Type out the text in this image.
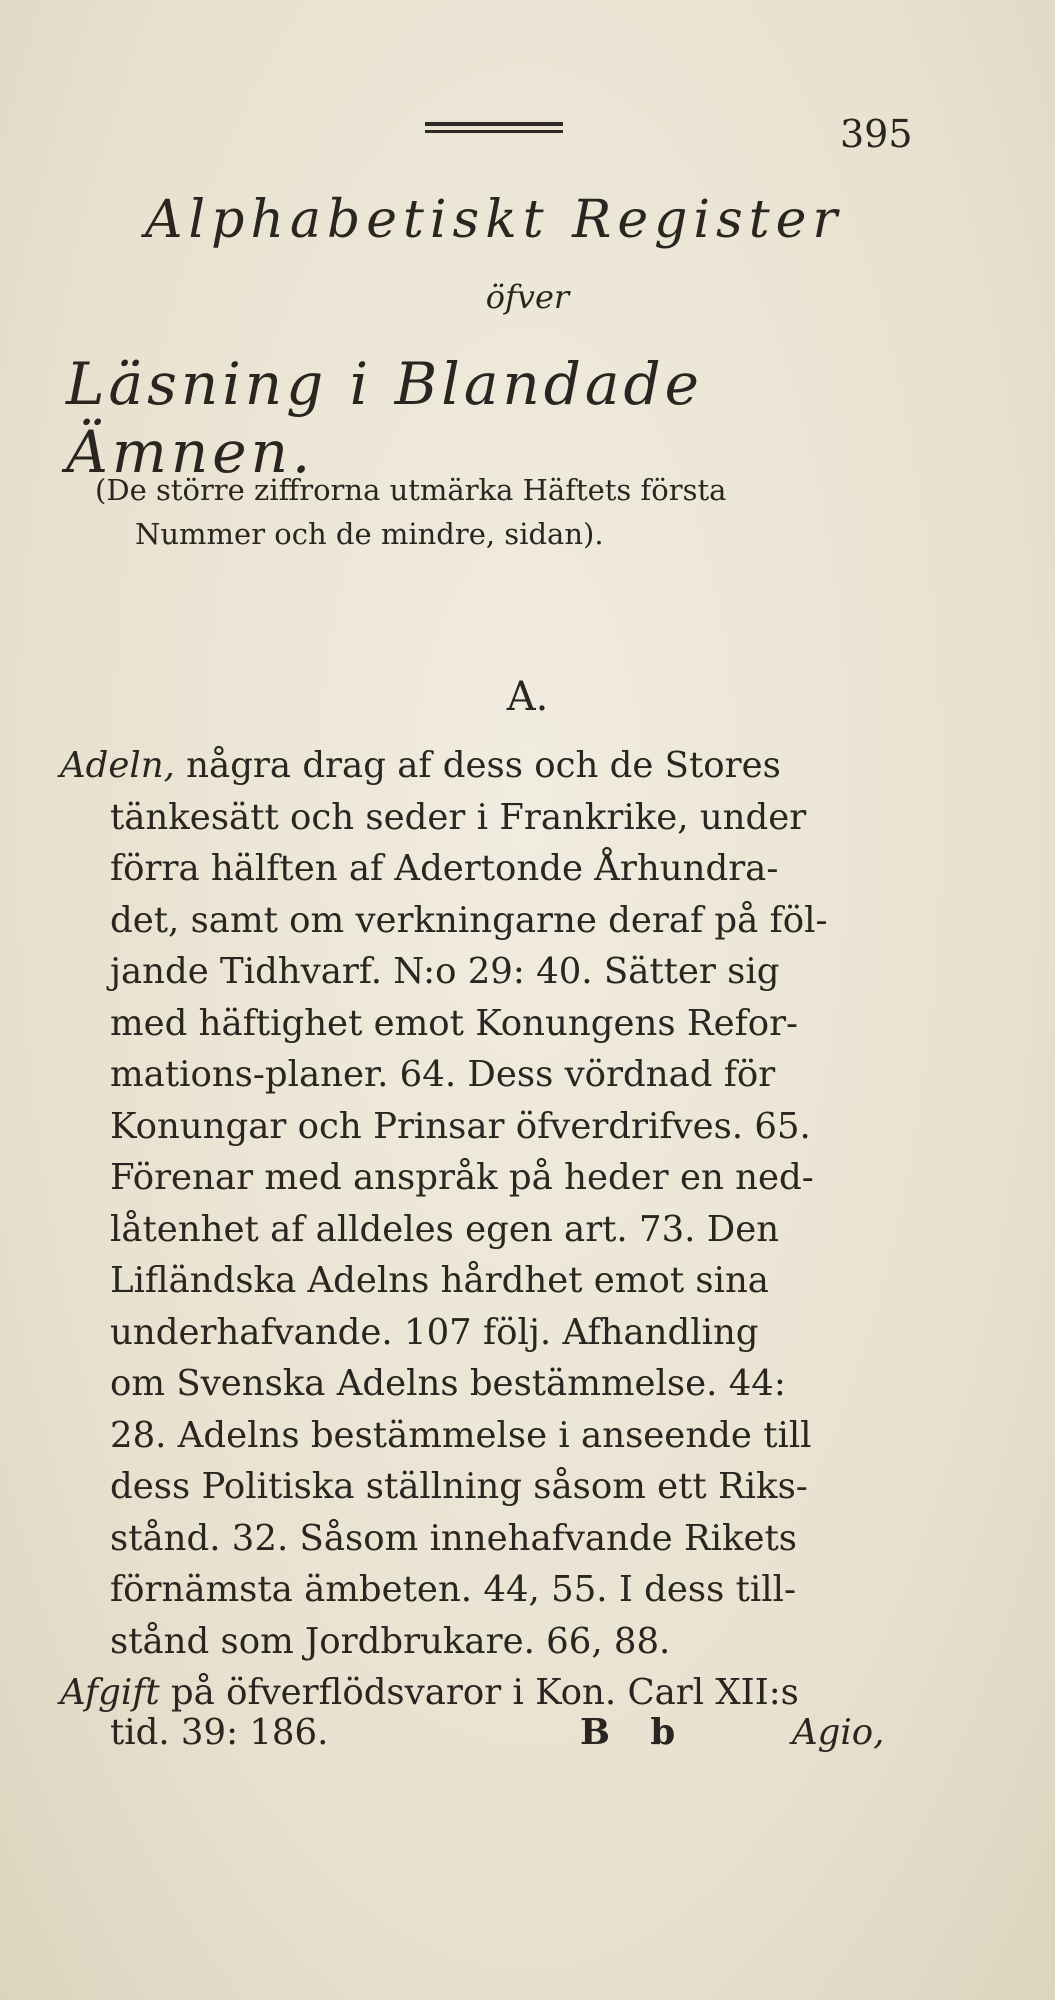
395
Alphabetiskt Register
öfver
Läsning i Blandade Ämnen.
(De större ziffrorna utmärka Häftets första
Nummer och de mindre, sidan).
A.
Adeln, några drag af dess och de Stores
tänkesätt och seder i Frankrike, under
förra hälften af Adertonde Århundra-
det, samt om verkningarne deraf på föl-
jande Tidhvarf. N:o 29: 40. Sätter sig
med häftighet emot Konungens Refor-
mations-planer. 64. Dess vördnad för
Konungar och Prinsar öfverdrifves. 65.
Förenar med anspråk på heder en ned-
låtenhet af alldeles egen art. 73. Den
Lifländska Adelns hårdhet emot sina
underhafvande. 107 följ. Afhandling
om Svenska Adelns bestämmelse. 44:
28. Adelns bestämmelse i anseende till
dess Politiska ställning såsom ett Riks-
stånd. 32. Såsom innehafvande Rikets
förnämsta ämbeten. 44, 55. I dess till-
stånd som Jordbrukare. 66, 88.
Afgift på öfverflödsvaror i Kon. Carl XII:s
tid. 39: 186.	B b	Agio,
